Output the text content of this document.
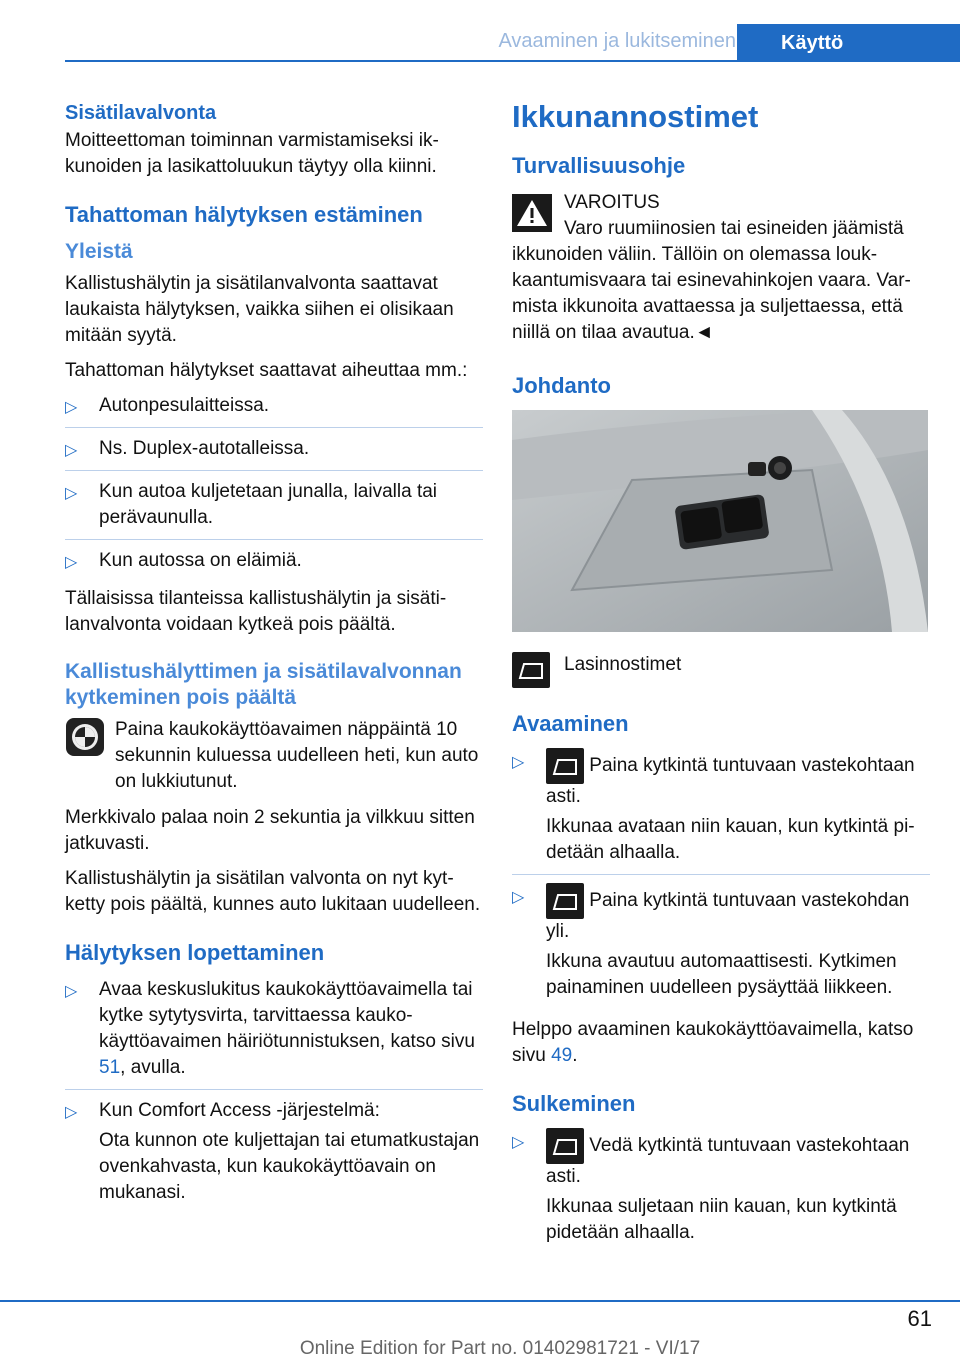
Avaaminen ja lukitseminen	Käyttö
Sisätilavalvonta

Moitteettoman toiminnan varmistamiseksi ikkunoiden ja lasikattoluukun täytyy olla kiinni.

Tahattoman hälytyksen estäminen
Yleistä

Kallistushälytin ja sisätilanvalvonta saattavat laukaista hälytyksen, vaikka siihen ei olisikaan mitään syytä.

Tahattoman hälytykset saattavat aiheuttaa mm.:

▷ Autonpesulaitteissa.
▷ Ns. Duplex-autotalleissa.
▷ Kun autoa kuljetetaan junalla, laivalla tai perävaunulla.
▷ Kun autossa on eläimiä.

Tällaisissa tilanteissa kallistushälytin ja sisätilanvalvonta voidaan kytkeä pois päältä.

Kallistushälyttimen ja sisätilavalvonnan kytkeminen pois päältä
Paina kaukokäyttöavaimen näppäintä 10 sekunnin kuluessa uudelleen heti, kun auto on lukkiutunut.

Merkkivalo palaa noin 2 sekuntia ja vilkkuu sitten jatkuvasti.

Kallistushälytin ja sisätilan valvonta on nyt kytketty pois päältä, kunnes auto lukitaan uudelleen.

Hälytyksen lopettaminen
▷ Avaa keskuslukitus kaukokäyttöavaimella tai kytke sytytysvirta, tarvittaessa kaukokäyttöavaimen häiriötunnistuksen, katso sivu 51, avulla.
▷ Kun Comfort Access -järjestelmä:

Ota kunnon ote kuljettajan tai etumatkustajan ovenkahvasta, kun kaukokäyttöavain on mukanasi.

Ikkunannostimet
Turvallisuusohje
VAROITUS
Varo ruumiinosien tai esineiden jäämistä ikkunoiden väliin. Tällöin on olemassa loukkaantumisvaara tai esinevahinkojen vaara. Varmista ikkunoita avattaessa ja suljettaessa, että niillä on tilaa avautua.◄
Johdanto
Lasinnostimet
Avaaminen
▷	Paina kytkintä tuntuvaan vastekohtaan asti.

Ikkunaa avataan niin kauan, kun kytkintä pidetään alhaalla.

▷	Paina kytkintä tuntuvaan vastekohdan yli.

Ikkuna avautuu automaattisesti. Kytkimen painaminen uudelleen pysäyttää liikkeen.

Helppo avaaminen kaukokäyttöavaimella, katso sivu 49.

Sulkeminen
▷	Vedä kytkintä tuntuvaan vastekohtaan asti.

Ikkunaa suljetaan niin kauan, kun kytkintä pidetään alhaalla.

61
Online Edition for Part no. 01402981721 - VI/17
